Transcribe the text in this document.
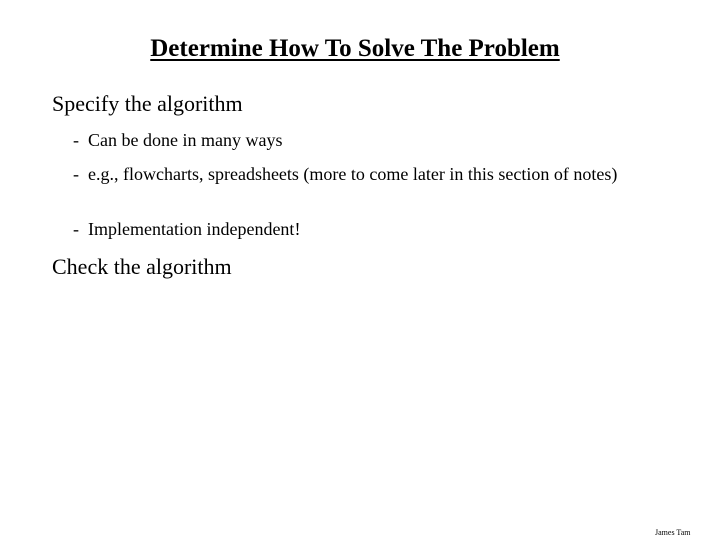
Determine How To Solve The Problem
Specify the algorithm
- Can be done in many ways
- e.g., flowcharts, spreadsheets (more to come later in this section of notes)
- Implementation independent!
Check the algorithm
James Tam
